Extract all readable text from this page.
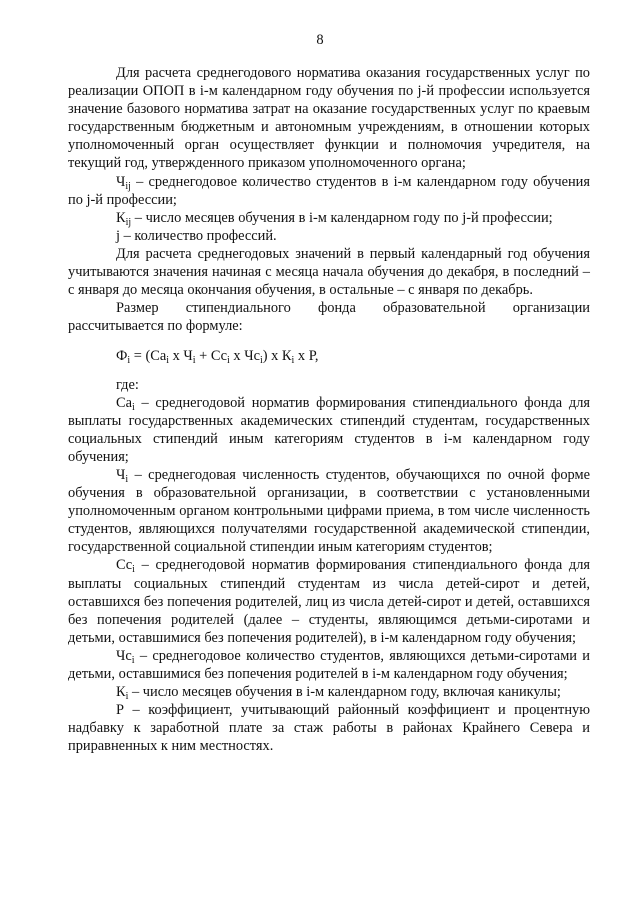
8

Для расчета среднегодового норматива оказания государственных услуг по реализации ОПОП в i-м календарном году обучения по j-й профессии используется значение базового норматива затрат на оказание государственных услуг по краевым государственным бюджетным и автономным учреждениям, в отношении которых уполномоченный орган осуществляет функции и полномочия учредителя, на текущий год, утвержденного приказом уполномоченного органа;

$Ч_{ij}$ – среднегодовое количество студентов в i-м календарном году обучения по j-й профессии;

$К_{ij}$ – число месяцев обучения в i-м календарном году по j-й профессии;

j – количество профессий.

Для расчета среднегодовых значений в первый календарный год обучения учитываются значения начиная с месяца начала обучения до декабря, в последний – с января до месяца окончания обучения, в остальные – с января по декабрь.

Размер стипендиального фонда образовательной организации рассчитывается по формуле:

$Ф_i = (Са_i$ х $Ч_i + Сс_i$ х $Чс_i$) х $К_i$ х Р,

где:

$Са_i$ – среднегодовой норматив формирования стипендиального фонда для выплаты государственных академических стипендий студентам, государственных социальных стипендий иным категориям студентов в i-м календарном году обучения;

$Ч_i$ – среднегодовая численность студентов, обучающихся по очной форме обучения в образовательной организации, в соответствии с установленными уполномоченным органом контрольными цифрами приема, в том числе численность студентов, являющихся получателями государственной академической стипендии, государственной социальной стипендии иным категориям студентов;

$Сс_i$ – среднегодовой норматив формирования стипендиального фонда для выплаты социальных стипендий студентам из числа детей-сирот и детей, оставшихся без попечения родителей, лиц из числа детей-сирот и детей, оставшихся без попечения родителей (далее – студенты, являющимся детьми-сиротами и детьми, оставшимися без попечения родителей), в i-м календарном году обучения;

$Чс_i$ – среднегодовое количество студентов, являющихся детьми-сиротами и детьми, оставшимися без попечения родителей в i-м календарном году обучения;

$К_i$ – число месяцев обучения в i-м календарном году, включая каникулы;

Р – коэффициент, учитывающий районный коэффициент и процентную надбавку к заработной плате за стаж работы в районах Крайнего Севера и приравненных к ним местностях.
